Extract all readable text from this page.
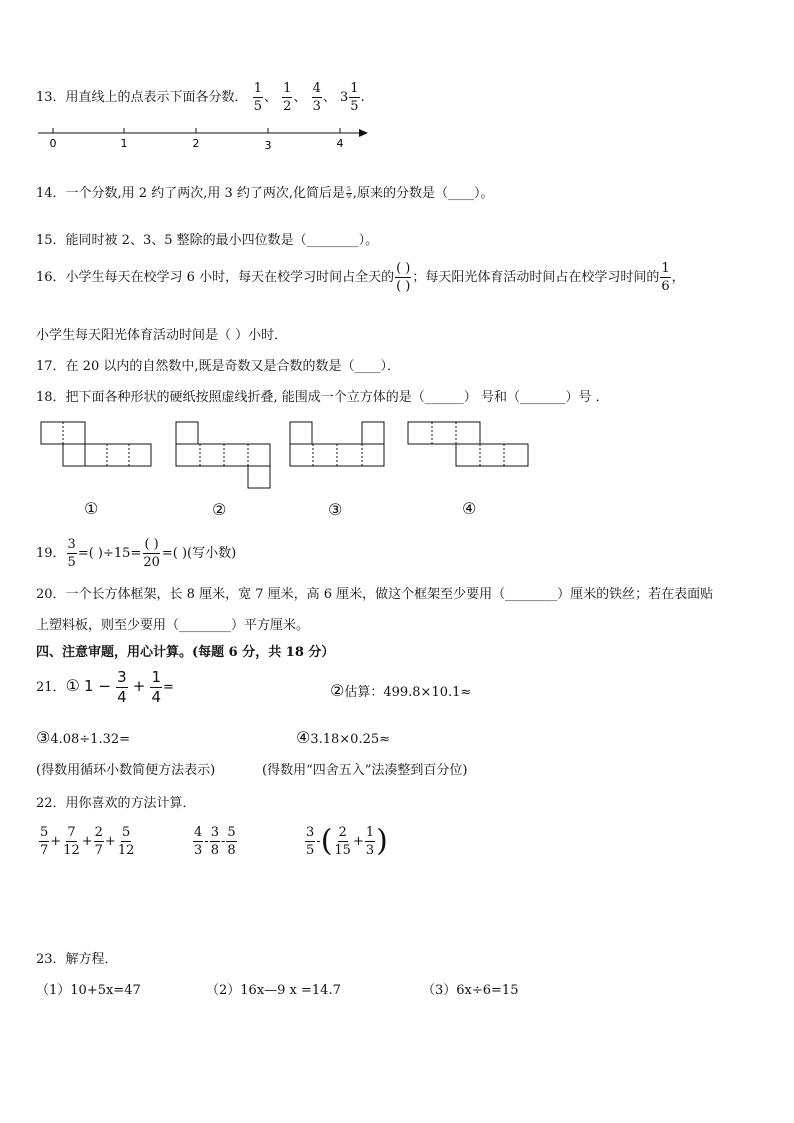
13．用直线上的点表示下面各分数． $\frac{1}{5}$ 、 $\frac{1}{2}$ 、 $\frac{4}{3}$ 、 $3 \frac{1}{5}$ .
0	1	2	3	4
14．一个分数,用 2 约了两次,用 3 约了两次,化简后是 $\frac{5}{9}$ ,原来的分数是（____）。
15．能同时被 2、3、5 整除的最小四位数是（________）。
16．小学生每天在校学习 6 小时，每天在校学习时间占全天的 $\frac{( )}{( )}$ ；每天阳光体育活动时间占在校学习时间的 $\frac{1}{6}$ ，
小学生每天阳光体育活动时间是（ ）小时．
17．在 20 以内的自然数中,既是奇数又是合数的数是（____）．
18．把下面各种形状的硬纸按照虚线折叠, 能围成一个立方体的是（______） 号和（_______）号 ．
①	②	③	④
19． $\frac{3}{5}$ =( )$\div 15= \frac{( )}{20}$ =( )(写小数)
20．一个长方体框架，长 8 厘米，宽 7 厘米，高 6 厘米，做这个框架至少要用（________）厘米的铁丝；若在表面贴
上塑料板，则至少要用（________）平方厘米。
四、注意审题，用心计算。(每题 6 分，共 18 分）
21．① $1 - \frac{3}{4} + \frac{1}{4}$ =	②估算：499.8×10.1≈
③4.08÷1.32=	④3.18×0.25≈
(得数用循环小数简便方法表示)	(得数用“四舍五入”法凑整到百分位)
22．用你喜欢的方法计算．
$\frac{5}{7} + \frac{7}{12} + \frac{2}{7} + \frac{5}{12}$	$\frac{4}{3} - \frac{3}{8} - \frac{5}{8}$	$\frac{3}{5}$ -( $\frac{2}{15} + \frac{1}{3}$ )
23．解方程．
（1）10+5x=47	（2）16x—9 x =14.7	（3）6x÷6=15
